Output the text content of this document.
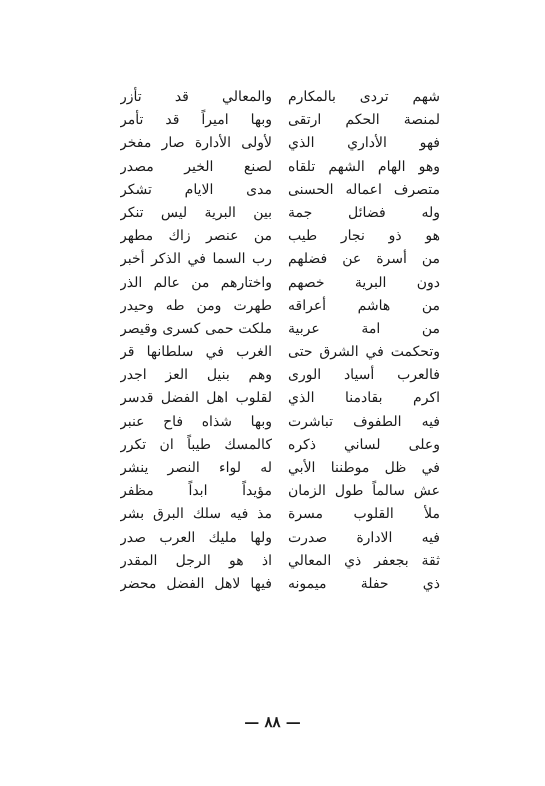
شهم تردى بالمكارم
والمعالي قد تأزر
لمنصة الحكم ارتقى
وبها اميراً قد تأمر
فهو الأداري الذي
لأولى الأدارة صار مفخر
وهو الهام الشهم تلقاه
لصنع الخير مصدر
متصرف اعماله الحسنى
مدى الايام تشكر
وله فضائل جمة
بين البرية ليس تنكر
هو ذو نجار طيب
من عنصر زاك مطهر
من أسرة عن فضلهم
رب السما في الذكر أخبر
دون البرية خصهم
واختارهم من عالم الذر
من هاشم أعراقه
طهرت ومن طه وحيدر
من امة عربية
ملكت حمى كسرى وقيصر
وتحكمت في الشرق حتى
الغرب في سلطانها قر
فالعرب أسياد الورى
وهم بنيل العز اجدر
اكرم بقادمنا الذي
لقلوب اهل الفضل قدسر
فيه الطفوف تباشرت
وبها شذاه فاح عنبر
وعلى لساني ذكره
كالمسك طيباً ان تكرر
في ظل موطننا الأبي
له لواء النصر ينشر
عش سالماً طول الزمان
مؤيداً ابداً مظفر
ملأ القلوب مسرة
مذ فيه سلك البرق بشر
فيه الادارة صدرت
ولها مليك العرب صدر
ثقة بجعفر ذي المعالي
اذ هو الرجل المقدر
ذي حفلة ميمونه
فيها لاهل الفضل محضر
— ٨٨ —
